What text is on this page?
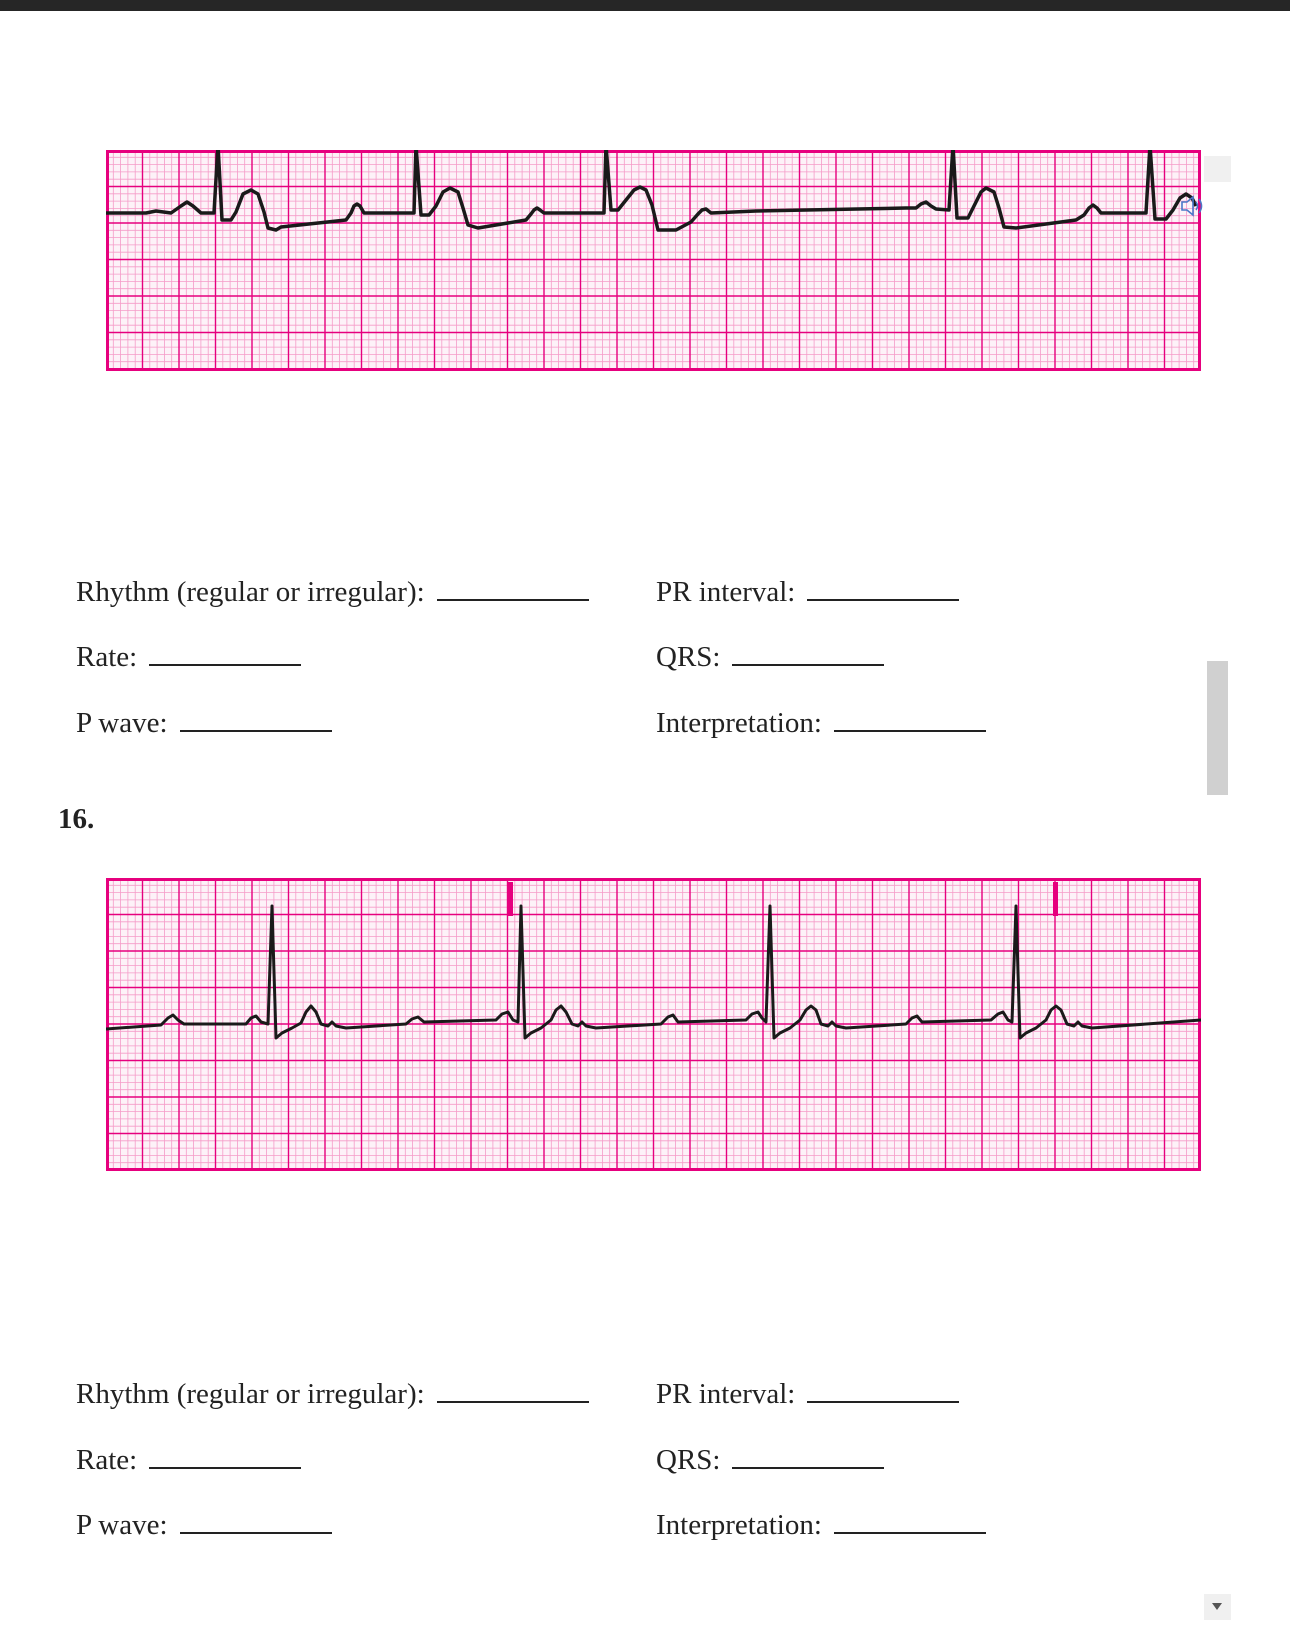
Rhythm (regular or irregular):	PR interval:
Rate:	QRS:
P wave:	Interpretation:
16.
Rhythm (regular or irregular):	PR interval:
Rate:	QRS:
P wave:	Interpretation:
